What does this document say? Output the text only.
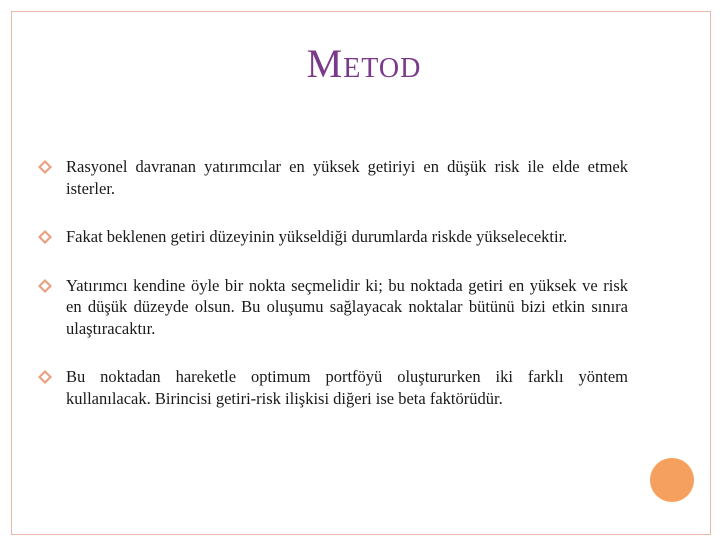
Metod
Rasyonel davranan yatırımcılar en yüksek getiriyi en düşük risk ile elde etmek isterler.
Fakat beklenen getiri düzeyinin yükseldiği durumlarda riskde yükselecektir.
Yatırımcı kendine öyle bir nokta seçmelidir ki; bu noktada getiri en yüksek ve risk en düşük düzeyde olsun. Bu oluşumu sağlayacak noktalar bütünü bizi etkin sınıra ulaştıracaktır.
Bu noktadan hareketle optimum portföyü oluştururken iki farklı yöntem kullanılacak. Birincisi getiri-risk ilişkisi diğeri ise beta faktörüdür.
